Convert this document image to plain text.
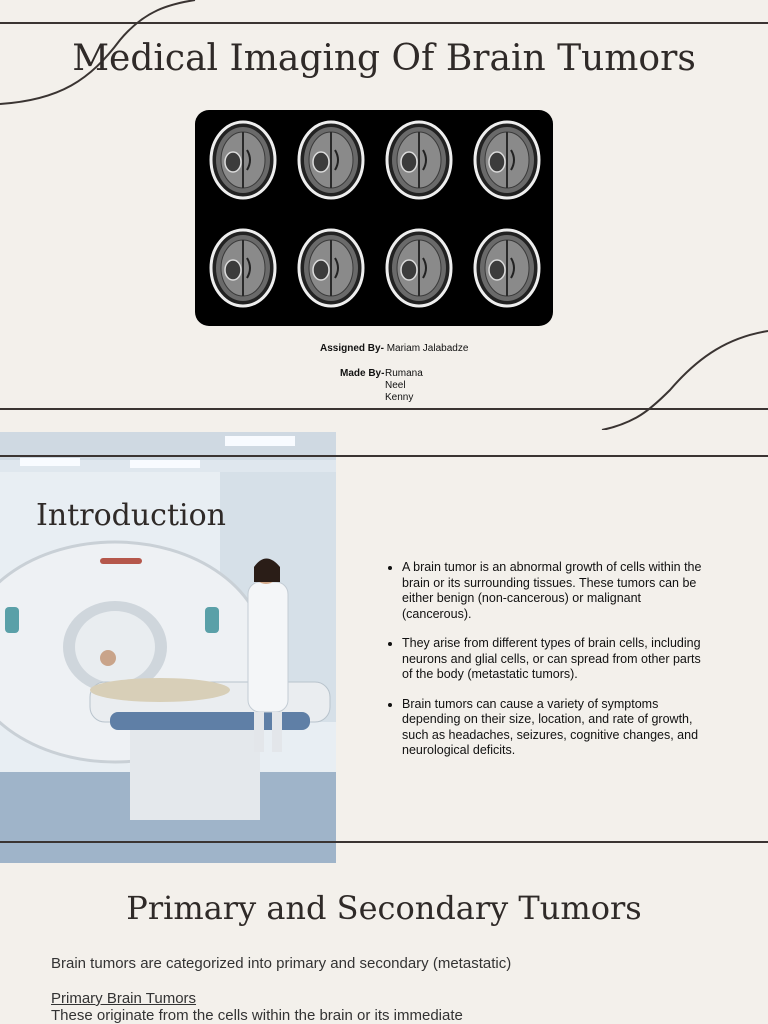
Medical Imaging Of Brain Tumors
Assigned By- Mariam Jalabadze
Made By- Rumana
Neel
Kenny
Introduction
• A brain tumor is an abnormal growth of cells within the brain or its surrounding tissues. These tumors can be either benign (non-cancerous) or malignant (cancerous).
• They arise from different types of brain cells, including neurons and glial cells, or can spread from other parts of the body (metastatic tumors).
• Brain tumors can cause a variety of symptoms depending on their size, location, and rate of growth, such as headaches, seizures, cognitive changes, and neurological deficits.
Primary and Secondary Tumors
Brain tumors are categorized into primary and secondary (metastatic)
Primary Brain Tumors
These originate from the cells within the brain or its immediate
